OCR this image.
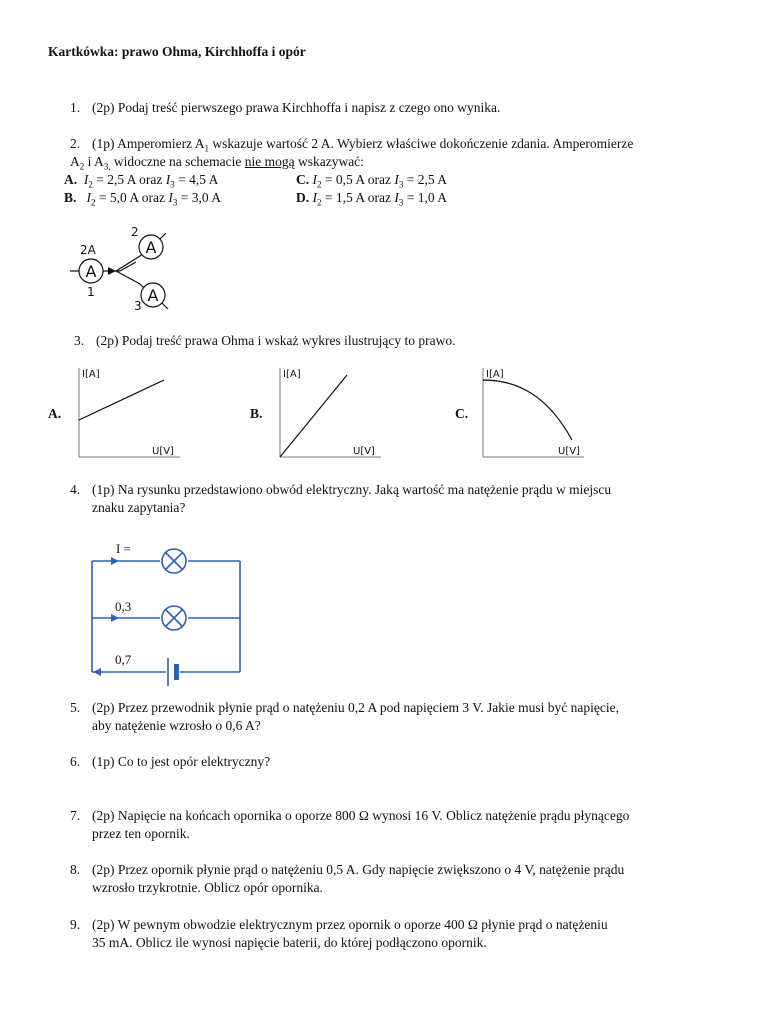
Kartkówka: prawo Ohma, Kirchhoffa i opór
1. (2p) Podaj treść pierwszego prawa Kirchhoffa i napisz z czego ono wynika.
2. (1p) Amperomierz $A_1$ wskazuje wartość 2 A. Wybierz właściwe dokończenie zdania. Amperomierze
$A_2$ i $A_{3,}$ widoczne na schemacie nie mogą wskazywać:
A. $I_2 = 2,5$ A oraz $I_3 = 4,5$ A
B. $I_2 = 5,0$ A oraz $I_3 = 3,0$ A
C. $I_2 = 0,5$ A oraz $I_3 = 2,5$ A
D. $I_2 = 1,5$ A oraz $I_3 = 1,0$ A
A
A
A
2A
1
2
3
3. (2p) Podaj treść prawa Ohma i wskaż wykres ilustrujący to prawo.
A.
I[A]
U[V]
B.
I[A]
U[V]
C.
I[A]
U[V]
4. (1p) Na rysunku przedstawiono obwód elektryczny. Jaką wartość ma natężenie prądu w miejscu
znaku zapytania?
I =
0,3
0,7
5. (2p) Przez przewodnik płynie prąd o natężeniu 0,2 A pod napięciem 3 V. Jakie musi być napięcie,
aby natężenie wzrosło o 0,6 A?
6. (1p) Co to jest opór elektryczny?
7. (2p) Napięcie na końcach opornika o oporze 800 Ω wynosi 16 V. Oblicz natężenie prądu płynącego
przez ten opornik.
8. (2p) Przez opornik płynie prąd o natężeniu 0,5 A. Gdy napięcie zwiększono o 4 V, natężenie prądu
wzrosło trzykrotnie. Oblicz opór opornika.
9. (2p) W pewnym obwodzie elektrycznym przez opornik o oporze 400 Ω płynie prąd o natężeniu
35 mA. Oblicz ile wynosi napięcie baterii, do której podłączono opornik.
